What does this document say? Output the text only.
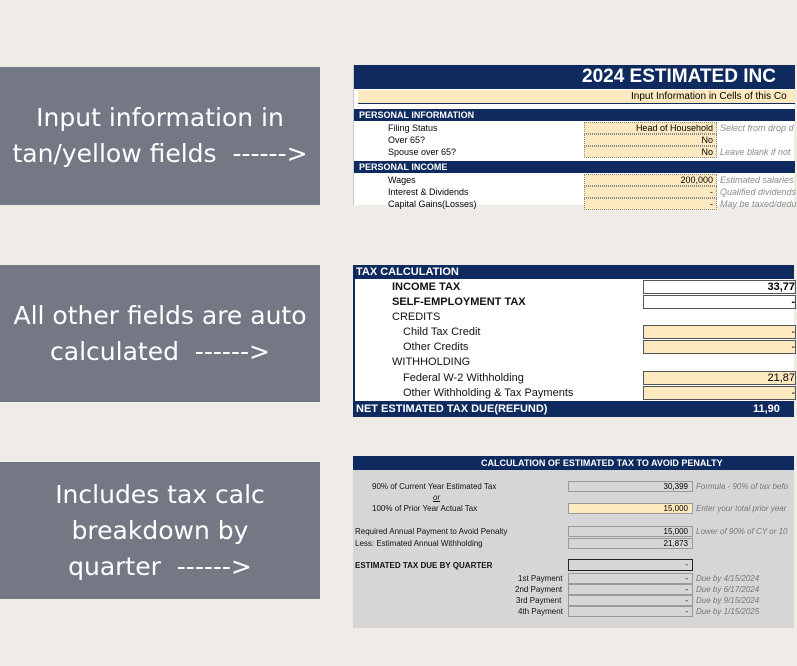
Input information in
tan/yellow fields  ------>
All other fields are auto
calculated  ------>
Includes tax calc
breakdown by
quarter  ------>
2024 ESTIMATED INC
Input Information in Cells of this Co
PERSONAL INFORMATION
Filing Status	Head of Household Select from drop d
Over 65?	No
Spouse over 65?	No Leave blank if not
PERSONAL INCOME
Wages	200,000 Estimated salaries
Interest & Dividends	- Qualified dividends
Capital Gains(Losses)	- May be taxed/dedu
TAX CALCULATION
INCOME TAX	33,77
SELF-EMPLOYMENT TAX	-
CREDITS
Child Tax Credit	-
Other Credits	-
WITHHOLDING
Federal W-2 Withholding	21,87
Other Withholding & Tax Payments	-
NET ESTIMATED TAX DUE(REFUND)	11,90
CALCULATION OF ESTIMATED TAX TO AVOID PENALTY
90% of Current Year Estimated Tax	30,399	Formula - 90% of tax befo
or
100% of Prior Year Actual Tax	15,000	Enter your total prior year
Required Annual Payment to Avoid Penalty	15,000	Lower of 90% of CY or 10
Less: Estimated Annual Withholding	21,873
ESTIMATED TAX DUE BY QUARTER	-
1st Payment	-	Due by 4/15/2024
2nd Payment	-	Due by 6/17/2024
3rd Payment	-	Due by 9/15/2024
4th Payment	-	Due by 1/15/2025
